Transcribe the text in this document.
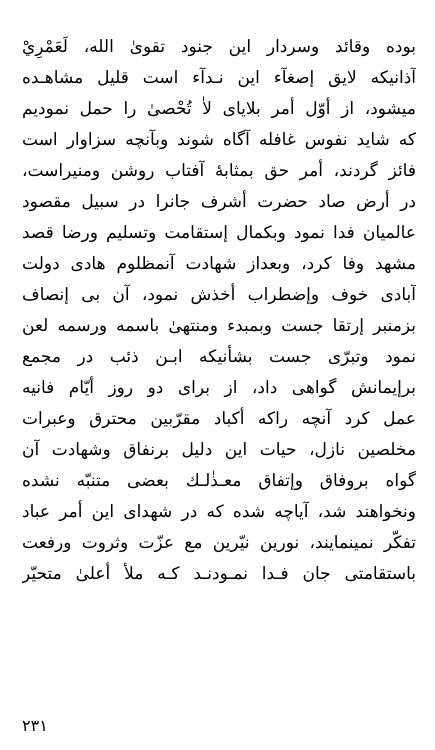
بوده وقائد وسردار اين جنود تقوىٰ الله، لَعَمْرِيْ
آذانيكه لايق إصغآء اين نـدآء است قليل مشاهـده
ميشود، از أوّل أمر بلاياى لاٰ تُحْصىٰ را حمل نموديم
كه شايد نفوس غافله آگاه شوند وبآنچه سزاوار است
فائز گردند، أمر حق بمثابهٔ آفتاب روشن ومنيراست،
در أرض صاد حضرت أشرف جانرا در سبيل مقصود
عالميان فدا نمود وبكمال إستقامت وتسليم ورضا قصد
مشهد وفا كرد، وبعداز شهادت آنمظلوم هادى دولت
آبادى خوف وإضطراب أخذش نمود، آن بى إنصاف
بزمنبر إرتقا جست وبمبدء ومنتهىٰ باسمه ورسمه لعن
نمود وتبرّى جست بشأنيكه ابـن ذئب در مجمع
برإيمانش گواهى داد، از براى دو روز أيّام فانيه
عمل كرد آنچه راكه أكباد مقرّبين محترق وعبرات
مخلصين نازل، حيات اين دليل برنفاق وشهادت آن
گواه بروفاق وإتفاق معـذٰلـك بعضى متنبّه نشده
ونخواهند شد، آياچه شده كه در شهداى اين أمر عباد
تفكّر نمينمايند، نورين نيّرين مع عزّت وثروت ورفعت
باستقامتى جان فـدا نمـودنـد كـه ملأ أعلىٰ متحيّر
٢٣١
